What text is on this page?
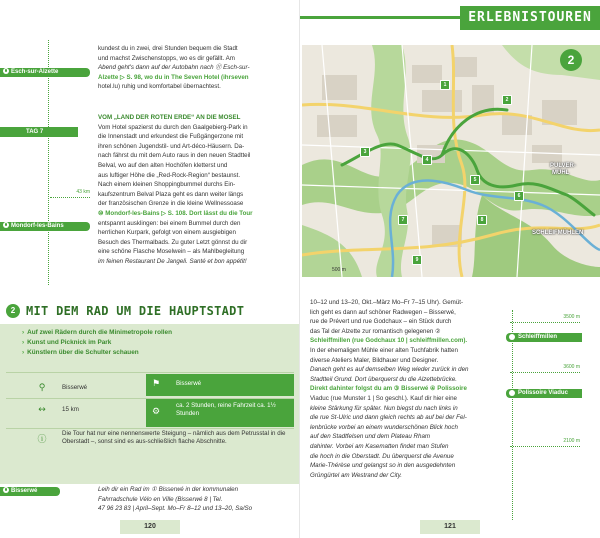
Esch-sur-Alzette
TAG 7
43 km
Mondorf-les-Bains

kundest du in zwei, drei Stunden bequem die Stadt

und machst Zwischenstopps, wo es dir gefällt. Am

Abend geht's dann auf der Autobahn nach ⑪ Esch-sur-

Alzette ▷ S. 98, wo du in The Seven Hotel (ihrseven

hotel.lu) ruhig und komfortabel übernachtest.

VOM „LAND DER ROTEN ERDE“ AN DIE MOSEL

Vom Hotel spazierst du durch den Gaalgebierg-Park in

die Innenstadt und erkundest die Fußgängerzone mit

ihren schönen Jugendstil- und Art-déco-Häusern. Da-

nach fährst du mit dem Auto raus in den neuen Stadtteil

Belval, wo auf den alten Hochöfen kletterst und

aus luftiger Höhe die „Red-Rock-Region“ bestaunst.

Nach einem kleinen Shoppingbummel durchs Ein-

kaufszentrum Belval Plaza geht es dann weiter längs

der französischen Grenze in die kleine Wellnessoase

⑩ Mondorf-les-Bains ▷ S. 108. Dort lässt du die Tour

entspannt ausklingen: bei einem Bummel durch den

herrlichen Kurpark, gefolgt von einem ausgiebigen

Besuch des Thermalbads. Zu guter Letzt gönnst du dir

eine schöne Flasche Moselwein – als Mahlbegleitung

im feinen Restaurant De Jangeli. Santé et bon appétit!

2 MIT DEM RAD UM DIE HAUPTSTADT
› Auf zwei Rädern durch die Minimetropole rollen
› Kunst und Picknick im Park
› Künstlern über die Schulter schauen
⚲	Bisserwé	⚑	Bisserwé
↔	15 km	⚙
ca. 2 Stunden, reine Fahrzeit ca. 1½ Stunden
ⓘ
Die Tour hat nur eine nennenswerte Steigung – nämlich aus dem Petrusstal in die Oberstadt –, sonst sind es aus-schließlich flache Abschnitte.
Bisserwé	Leih dir ein Rad im ① Bisserwé in der kommunalen

Fahrradschule Vélo en Ville (Bisserwé 8 | Tel.

47 96 23 83 | April–Sept. Mo–Fr 8–12 und 13–20, Sa/So

120
ERLEBNISTOUREN
2
PULVER-
MÜHL
SCHLEIFMÜHLEN
1
2
3
4
5
6
7	8
9
500 m
3500 m
Schleiffmillen
3600 m
Polissoire Viaduc
2100 m

10–12 und 13–20, Okt.–März Mo–Fr 7–15 Uhr). Gemüt-

lich geht es dann auf schöner Radwegen – Bisserwé,

rue de Prévert und rue Godchaux – ein Stück durch

das Tal der Alzette zur romantisch gelegenen ②

Schleiffmillen (rue Godchaux 10 | schleiffmillen.com).

In der ehemaligen Mühle einer alten Tuchfabrik hatten

diverse Ateliers Maler, Bildhauer und Designer.

Danach geht es auf demselben Weg wieder zurück in den

Stadtteil Grund. Dort überquerst du die Alzettebrücke.

Direkt dahinter folgst du am ③ Bisserwé ④ Polissoire

Viaduc (rue Munster 1 | So geschl.). Kauf dir hier eine

kleine Stärkung für später. Nun biegst du nach links in

die rue St-Ulric und dann gleich rechts ab auf bei der Fel-

lenbrücke vorbei an einem wunderschönen Blick hoch

auf den Stadtfelsen und dem Plateau Rham

dahinter. Vorbei am Kasematten findet man Stufen

die hoch in die Oberstadt. Du überquerst die Avenue

Marie-Thérèse und gelangst so in den ausgedehnten

Grüngürtel am Westrand der City.

121
